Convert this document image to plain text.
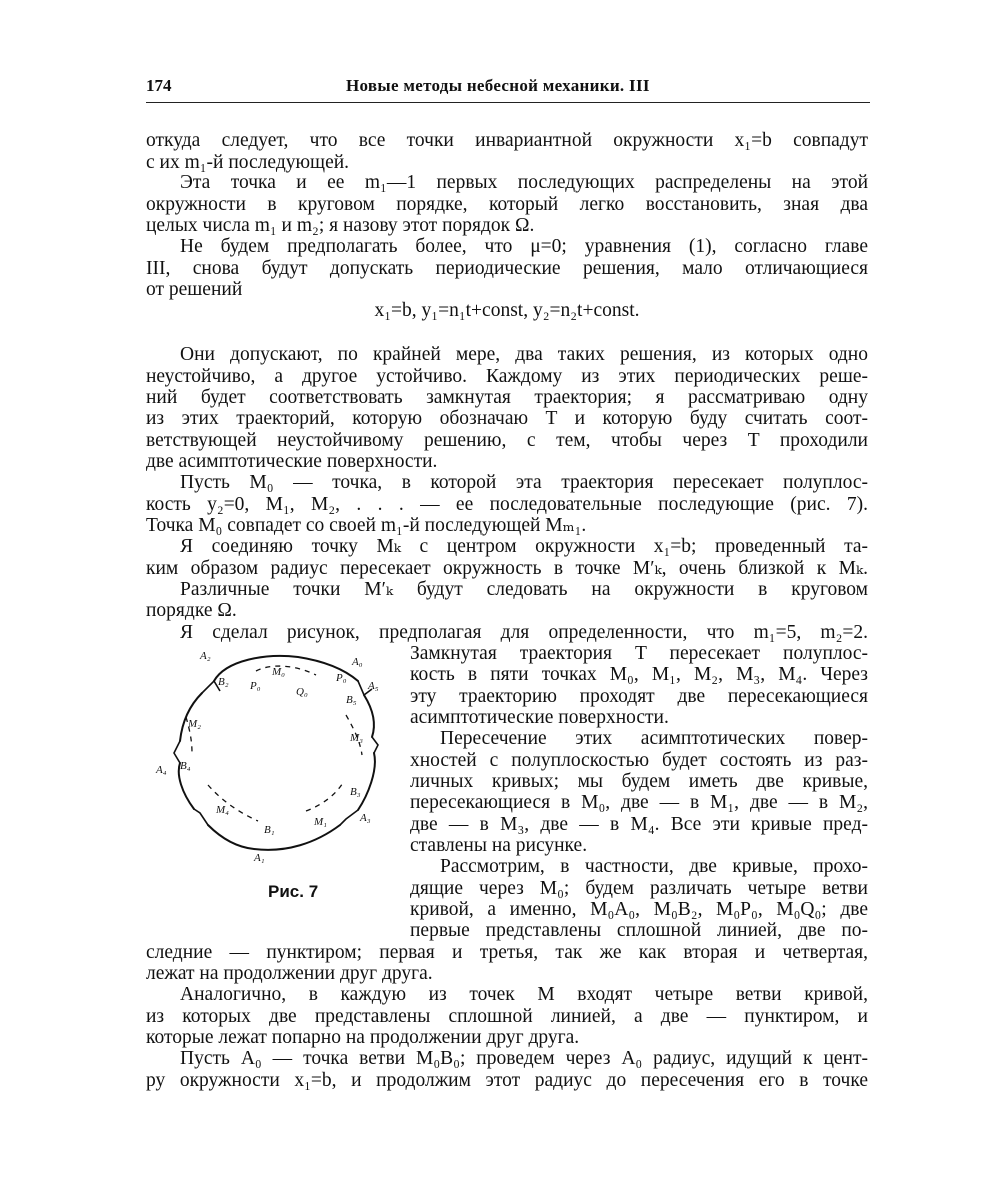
174	Новые методы небесной механики. III
откуда следует, что все точки инвариантной окружности x₁=b совпадут
с их m₁-й последующей.
Эта точка и ее m₁—1 первых последующих распределены на этой
окружности в круговом порядке, который легко восстановить, зная два
целых числа m₁ и m₂; я назову этот порядок Ω.
Не будем предполагать более, что μ=0; уравнения (1), согласно главе
III, снова будут допускать периодические решения, мало отличающиеся
от решений
x₁=b, y₁=n₁t+const, y₂=n₂t+const.
Они допускают, по крайней мере, два таких решения, из которых одно
неустойчиво, а другое устойчиво. Каждому из этих периодических реше-
ний будет соответствовать замкнутая траектория; я рассматриваю одну
из этих траекторий, которую обозначаю T и которую буду считать соот-
ветствующей неустойчивому решению, с тем, чтобы через T проходили
две асимптотические поверхности.
Пусть M₀ — точка, в которой эта траектория пересекает полуплос-
кость y₂=0, M₁, M₂, . . . — ее последовательные последующие (рис. 7).
Точка M₀ совпадет со своей m₁-й последующей Mₘ₁.
Я соединяю точку Mₖ с центром окружности x₁=b; проведенный та-
ким образом радиус пересекает окружность в точке M′ₖ, очень близкой к Mₖ.
Различные точки M′ₖ будут следовать на окружности в круговом
порядке Ω.
Я сделал рисунок, предполагая для определенности, что m₁=5, m₂=2.
Замкнутая траектория T пересекает полуплос-
кость в пяти точках M₀, M₁, M₂, M₃, M₄. Через
эту траекторию проходят две пересекающиеся
асимптотические поверхности.
Пересечение этих асимптотических повер-
хностей с полуплоскостью будет состоять из раз-
личных кривых; мы будем иметь две кривые,
пересекающиеся в M₀, две — в M₁, две — в M₂,
две — в M₃, две — в M₄. Все эти кривые пред-
ставлены на рисунке.
Рассмотрим, в частности, две кривые, прохо-
дящие через M₀; будем различать четыре ветви
кривой, а именно, M₀A₀, M₀B₂, M₀P₀, M₀Q₀; две
первые представлены сплошной линией, две по-
следние — пунктиром; первая и третья, так же как вторая и четвертая,
лежат на продолжении друг друга.
Аналогично, в каждую из точек M входят четыре ветви кривой,
из которых две представлены сплошной линией, а две — пунктиром, и
которые лежат попарно на продолжении друг друга.
Пусть A₀ — точка ветви M₀B₀; проведем через A₀ радиус, идущий к цент-
ру окружности x₁=b, и продолжим этот радиус до пересечения его в точке
A₂
B₂ P₀
M₀
Q₀
A₀
P₀
A₅
B₅
M₂
M₃
A₄ B₄
B₃
A₃
M₄
B₁
M₁
A₁
Рис. 7
